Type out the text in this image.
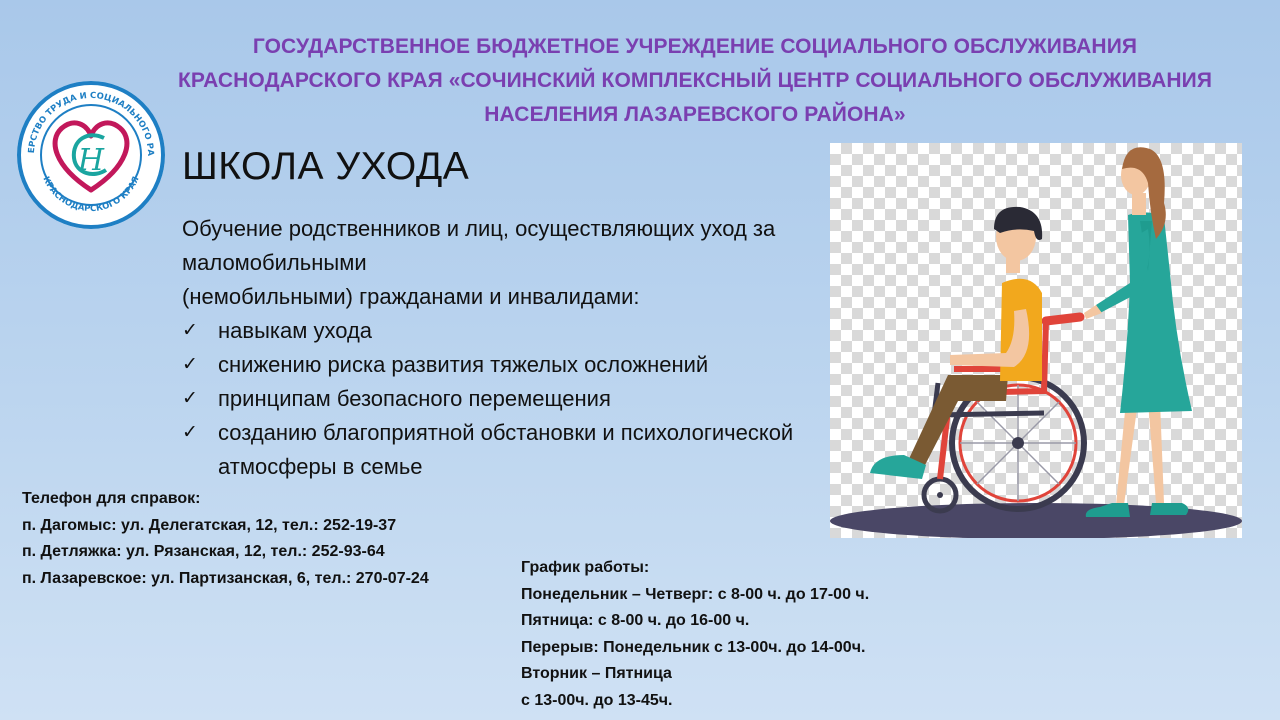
ГОСУДАРСТВЕННОЕ БЮДЖЕТНОЕ УЧРЕЖДЕНИЕ СОЦИАЛЬНОГО ОБСЛУЖИВАНИЯ
КРАСНОДАРСКОГО КРАЯ «СОЧИНСКИЙ КОМПЛЕКСНЫЙ ЦЕНТР СОЦИАЛЬНОГО ОБСЛУЖИВАНИЯ
НАСЕЛЕНИЯ ЛАЗАРЕВСКОГО РАЙОНА»
ЕРСТВО ТРУДА И СОЦИАЛЬНОГО РА
КРАСНОДАРСКОГО КРАЯ
Н ШКОЛА УХОДА
Обучение родственников и лиц, осуществляющих уход за
маломобильными
(немобильными) гражданами и инвалидами:
✓ навыкам ухода
✓ снижению риска развития тяжелых осложнений
✓ принципам безопасного перемещения
✓ созданию благоприятной обстановки и психологической
атмосферы в семье
Телефон для справок:
п. Дагомыс: ул. Делегатская, 12, тел.: 252-19-37
п. Детляжка: ул. Рязанская, 12, тел.: 252-93-64
п. Лазаревское: ул. Партизанская, 6, тел.: 270-07-24
График работы:
Понедельник – Четверг: с 8-00 ч. до 17-00 ч.
Пятница: с 8-00 ч. до 16-00 ч.
Перерыв: Понедельник с 13-00ч. до 14-00ч.
Вторник – Пятница
с 13-00ч. до 13-45ч.
